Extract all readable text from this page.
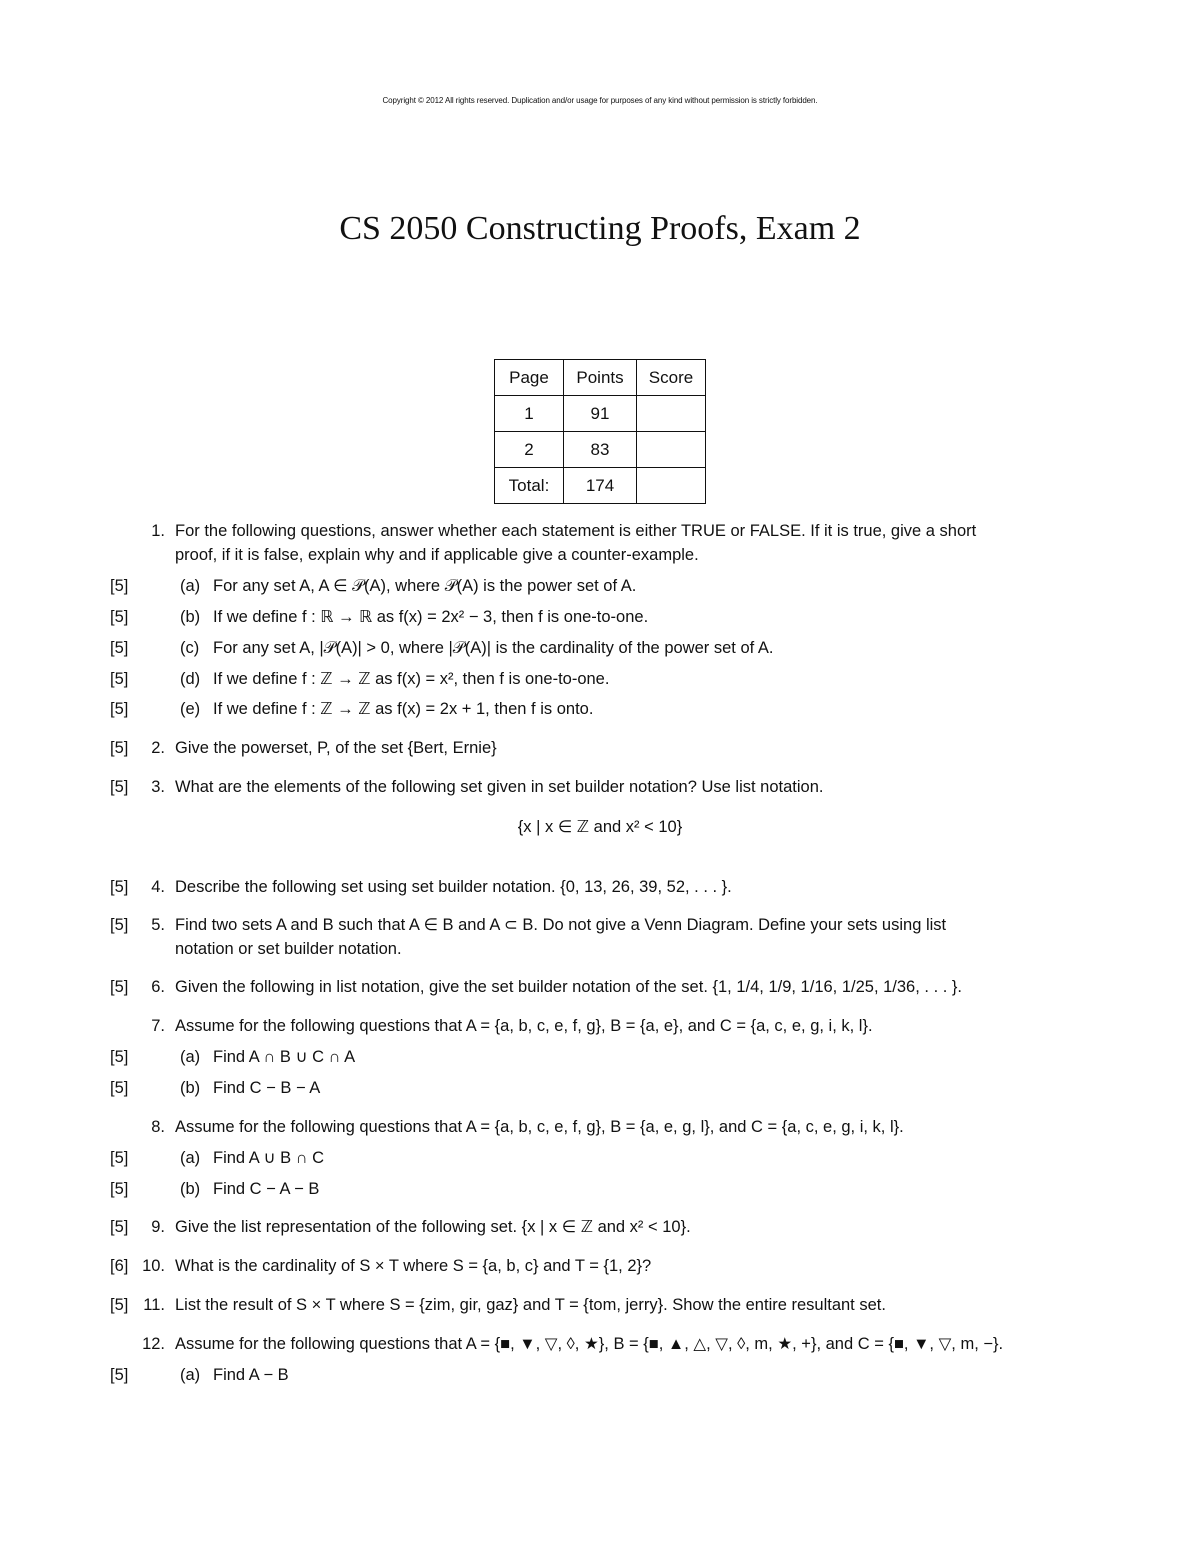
Copyright © 2012 All rights reserved. Duplication and/or usage for purposes of any kind without permission is strictly forbidden.
CS 2050 Constructing Proofs, Exam 2
Page	Points	Score
1	91	
2	83	
Total:	174	
1. For the following questions, answer whether each statement is either TRUE or FALSE. If it is true, give a short
proof, if it is false, explain why and if applicable give a counter-example.
[5]	(a) For any set A, A ∈ 𝒫(A), where 𝒫(A) is the power set of A.
[5]	(b) If we define f : ℝ → ℝ as f(x) = 2x² − 3, then f is one-to-one.
[5]	(c) For any set A, |𝒫(A)| > 0, where |𝒫(A)| is the cardinality of the power set of A.
[5]	(d) If we define f : ℤ → ℤ as f(x) = x², then f is one-to-one.
[5]	(e) If we define f : ℤ → ℤ as f(x) = 2x + 1, then f is onto.
[5]	2. Give the powerset, P, of the set {Bert, Ernie}
[5]	3. What are the elements of the following set given in set builder notation? Use list notation.
{x | x ∈ ℤ and x² < 10}
[5]	4. Describe the following set using set builder notation. {0, 13, 26, 39, 52, . . . }.
[5]	5. Find two sets A and B such that A ∈ B and A ⊂ B. Do not give a Venn Diagram. Define your sets using list
notation or set builder notation.
[5]	6. Given the following in list notation, give the set builder notation of the set. {1, 1/4, 1/9, 1/16, 1/25, 1/36, . . . }.
7. Assume for the following questions that A = {a, b, c, e, f, g}, B = {a, e}, and C = {a, c, e, g, i, k, l}.
[5]	(a) Find A ∩ B ∪ C ∩ A
[5]	(b) Find C − B − A
8. Assume for the following questions that A = {a, b, c, e, f, g}, B = {a, e, g, l}, and C = {a, c, e, g, i, k, l}.
[5]	(a) Find A ∪ B ∩ C
[5]	(b) Find C − A − B
[5]	9. Give the list representation of the following set. {x | x ∈ ℤ and x² < 10}.
[6] 10. What is the cardinality of S × T where S = {a, b, c} and T = {1, 2}?
[5] 11. List the result of S × T where S = {zim, gir, gaz} and T = {tom, jerry}. Show the entire resultant set.
12. Assume for the following questions that A = {■, ▼, ▽, ◊, ★}, B = {■, ▲, △, ▽, ◊, m, ★, +}, and C = {■, ▼, ▽, m, −}.
[5]	(a) Find A − B
